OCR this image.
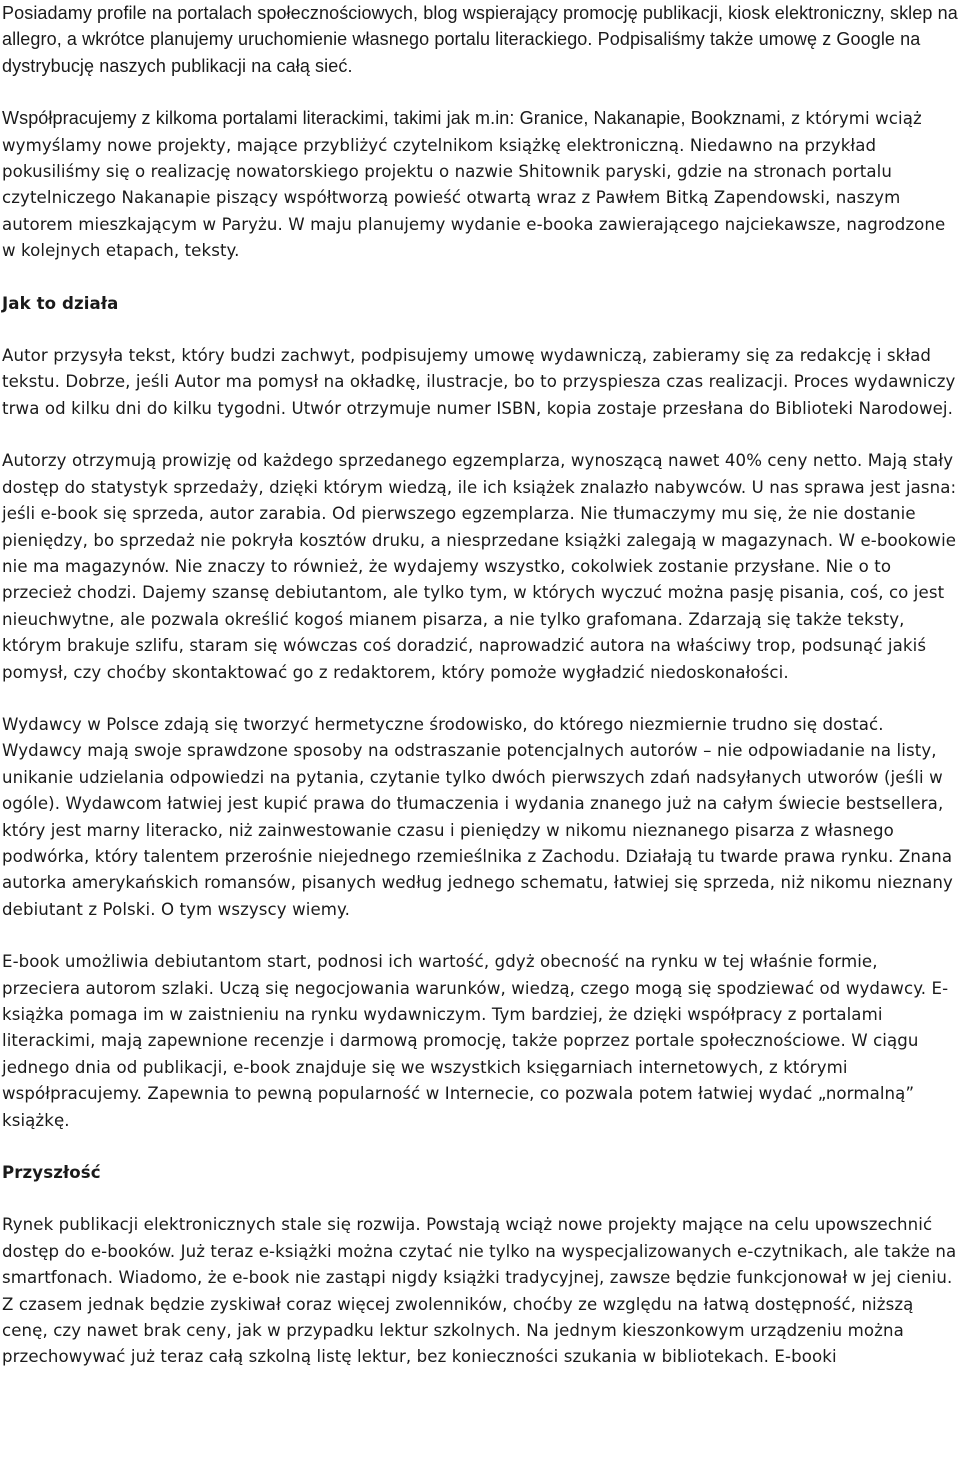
Posiadamy profile na portalach społecznościowych, blog wspierający promocję publikacji, kiosk elektroniczny, sklep na allegro, a wkrótce planujemy uruchomienie własnego portalu literackiego. Podpisaliśmy także umowę z Google na dystrybucję naszych publikacji na całą sieć.

Współpracujemy z kilkoma portalami literackimi, takimi jak m.in: Granice, Nakanapie, Bookznami, z którymi wciąż wymyślamy nowe projekty, mające przybliżyć czytelnikom książkę elektroniczną. Niedawno na przykład pokusiliśmy się o realizację nowatorskiego projektu o nazwie Shitownik paryski, gdzie na stronach portalu czytelniczego Nakanapie piszący współtworzą powieść otwartą wraz z Pawłem Bitką Zapendowski, naszym autorem mieszkającym w Paryżu. W maju planujemy wydanie e-booka zawierającego najciekawsze, nagrodzone w kolejnych etapach, teksty.

Jak to działa

Autor przysyła tekst, który budzi zachwyt, podpisujemy umowę wydawniczą, zabieramy się za redakcję i skład tekstu. Dobrze, jeśli Autor ma pomysł na okładkę, ilustracje, bo to przyspiesza czas realizacji. Proces wydawniczy trwa od kilku dni do kilku tygodni. Utwór otrzymuje numer ISBN, kopia zostaje przesłana do Biblioteki Narodowej.

Autorzy otrzymują prowizję od każdego sprzedanego egzemplarza, wynoszącą nawet 40% ceny netto. Mają stały dostęp do statystyk sprzedaży, dzięki którym wiedzą, ile ich książek znalazło nabywców. U nas sprawa jest jasna: jeśli e-book się sprzeda, autor zarabia. Od pierwszego egzemplarza. Nie tłumaczymy mu się, że nie dostanie pieniędzy, bo sprzedaż nie pokryła kosztów druku, a niesprzedane książki zalegają w magazynach. W e-bookowie nie ma magazynów. Nie znaczy to również, że wydajemy wszystko, cokolwiek zostanie przysłane. Nie o to przecież chodzi. Dajemy szansę debiutantom, ale tylko tym, w których wyczuć można pasję pisania, coś, co jest nieuchwytne, ale pozwala określić kogoś mianem pisarza, a nie tylko grafomana. Zdarzają się także teksty, którym brakuje szlifu, staram się wówczas coś doradzić, naprowadzić autora na właściwy trop, podsunąć jakiś pomysł, czy choćby skontaktować go z redaktorem, który pomoże wygładzić niedoskonałości.

Wydawcy w Polsce zdają się tworzyć hermetyczne środowisko, do którego niezmiernie trudno się dostać. Wydawcy mają swoje sprawdzone sposoby na odstraszanie potencjalnych autorów – nie odpowiadanie na listy, unikanie udzielania odpowiedzi na pytania, czytanie tylko dwóch pierwszych zdań nadsyłanych utworów (jeśli w ogóle). Wydawcom łatwiej jest kupić prawa do tłumaczenia i wydania znanego już na całym świecie bestsellera, który jest marny literacko, niż zainwestowanie czasu i pieniędzy w nikomu nieznanego pisarza z własnego podwórka, który talentem przerośnie niejednego rzemieślnika z Zachodu. Działają tu twarde prawa rynku. Znana autorka amerykańskich romansów, pisanych według jednego schematu, łatwiej się sprzeda, niż nikomu nieznany debiutant z Polski. O tym wszyscy wiemy.

E-book umożliwia debiutantom start, podnosi ich wartość, gdyż obecność na rynku w tej właśnie formie, przeciera autorom szlaki. Uczą się negocjowania warunków, wiedzą, czego mogą się spodziewać od wydawcy. E-książka pomaga im w zaistnieniu na rynku wydawniczym. Tym bardziej, że dzięki współpracy z portalami literackimi, mają zapewnione recenzje i darmową promocję, także poprzez portale społecznościowe. W ciągu jednego dnia od publikacji, e-book znajduje się we wszystkich księgarniach internetowych, z którymi współpracujemy. Zapewnia to pewną popularność w Internecie, co pozwala potem łatwiej wydać „normalną” książkę.

Przyszłość

Rynek publikacji elektronicznych stale się rozwija. Powstają wciąż nowe projekty mające na celu upowszechnić dostęp do e-booków. Już teraz e-książki można czytać nie tylko na wyspecjalizowanych e-czytnikach, ale także na smartfonach. Wiadomo, że e-book nie zastąpi nigdy książki tradycyjnej, zawsze będzie funkcjonował w jej cieniu. Z czasem jednak będzie zyskiwał coraz więcej zwolenników, choćby ze względu na łatwą dostępność, niższą cenę, czy nawet brak ceny, jak w przypadku lektur szkolnych. Na jednym kieszonkowym urządzeniu można przechowywać już teraz całą szkolną listę lektur, bez konieczności szukania w bibliotekach. E-booki
